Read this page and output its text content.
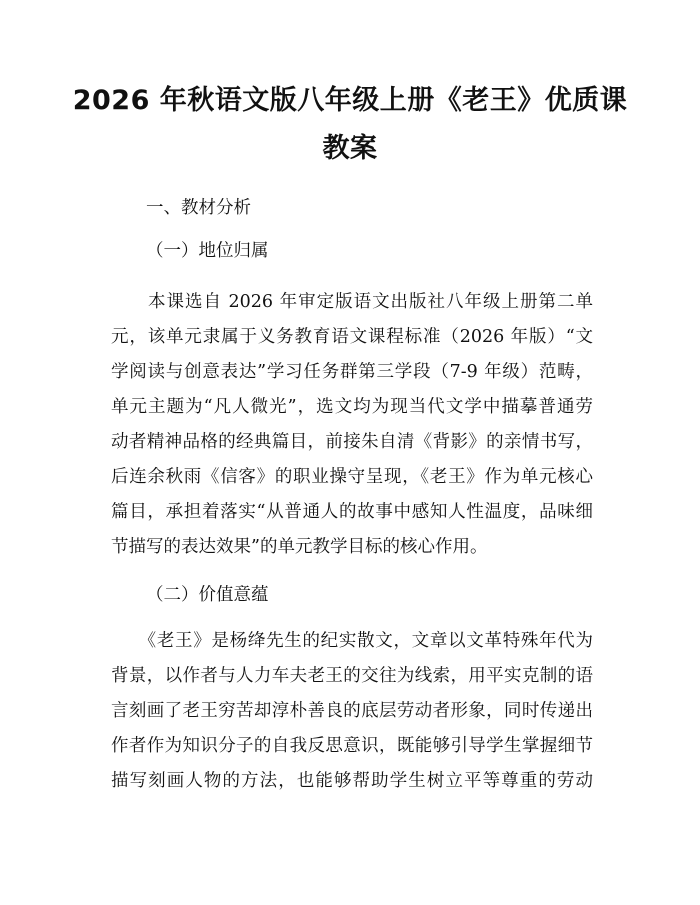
2026 年秋语文版八年级上册《老王》优质课
教案
一、教材分析
（一）地位归属
　　本课选自 2026 年审定版语文出版社八年级上册第二单
元，该单元隶属于义务教育语文课程标准（2026 年版）“文
学阅读与创意表达”学习任务群第三学段（7-9 年级）范畴，
单元主题为“凡人微光”，选文均为现当代文学中描摹普通劳
动者精神品格的经典篇目，前接朱自清《背影》的亲情书写，
后连余秋雨《信客》的职业操守呈现，《老王》作为单元核心
篇目，承担着落实“从普通人的故事中感知人性温度，品味细
节描写的表达效果”的单元教学目标的核心作用。
（二）价值意蕴
　　《老王》是杨绛先生的纪实散文，文章以文革特殊年代为
背景，以作者与人力车夫老王的交往为线索，用平实克制的语
言刻画了老王穷苦却淳朴善良的底层劳动者形象，同时传递出
作者作为知识分子的自我反思意识，既能够引导学生掌握细节
描写刻画人物的方法，也能够帮助学生树立平等尊重的劳动
